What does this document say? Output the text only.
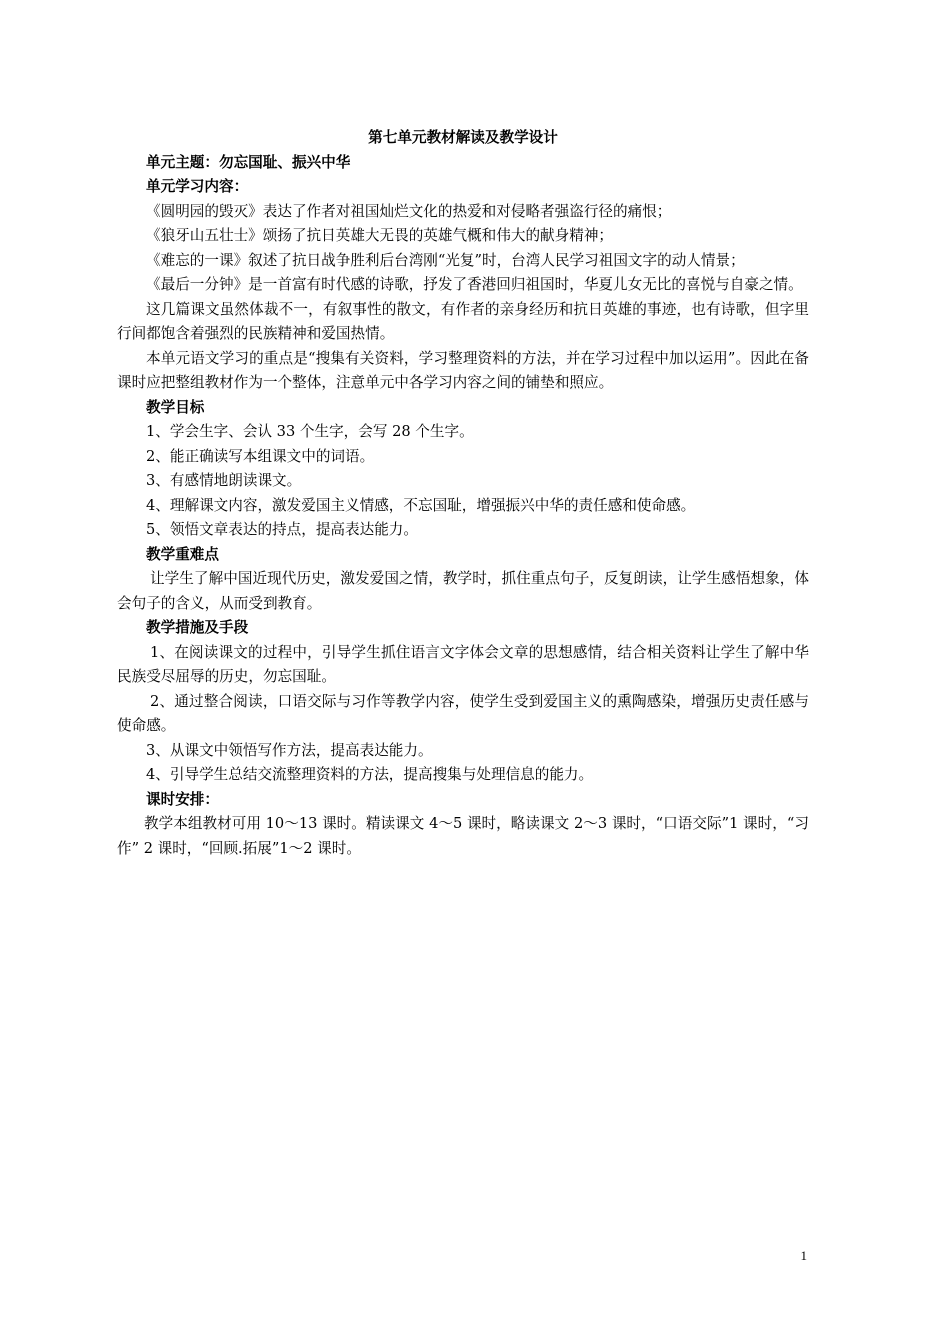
第七单元教材解读及教学设计

单元主题：勿忘国耻、振兴中华

单元学习内容：

《圆明园的毁灭》表达了作者对祖国灿烂文化的热爱和对侵略者强盗行径的痛恨；

《狼牙山五壮士》颂扬了抗日英雄大无畏的英雄气概和伟大的献身精神；

《难忘的一课》叙述了抗日战争胜利后台湾刚“光复”时，台湾人民学习祖国文字的动人情景；

《最后一分钟》是一首富有时代感的诗歌，抒发了香港回归祖国时，华夏儿女无比的喜悦与自豪之情。

这几篇课文虽然体裁不一，有叙事性的散文，有作者的亲身经历和抗日英雄的事迹，也有诗歌，但字里行间都饱含着强烈的民族精神和爱国热情。

本单元语文学习的重点是“搜集有关资料，学习整理资料的方法，并在学习过程中加以运用”。因此在备课时应把整组教材作为一个整体，注意单元中各学习内容之间的铺垫和照应。

教学目标

1、学会生字、会认 33 个生字，会写 28 个生字。

2、能正确读写本组课文中的词语。

3、有感情地朗读课文。

4、理解课文内容，激发爱国主义情感，不忘国耻，增强振兴中华的责任感和使命感。

5、领悟文章表达的持点，提高表达能力。

教学重难点

让学生了解中国近现代历史，激发爱国之情，教学时，抓住重点句子，反复朗读，让学生感悟想象，体会句子的含义，从而受到教育。

教学措施及手段

1、在阅读课文的过程中，引导学生抓住语言文字体会文章的思想感情，结合相关资料让学生了解中华民族受尽屈辱的历史，勿忘国耻。

2、通过整合阅读，口语交际与习作等教学内容，使学生受到爱国主义的熏陶感染，增强历史责任感与使命感。

3、从课文中领悟写作方法，提高表达能力。

4、引导学生总结交流整理资料的方法，提高搜集与处理信息的能力。

课时安排：

教学本组教材可用 10～13 课时。精读课文 4～5 课时，略读课文 2～3 课时，“口语交际”1 课时，“习作” 2 课时，“回顾.拓展”1～2 课时。

1
